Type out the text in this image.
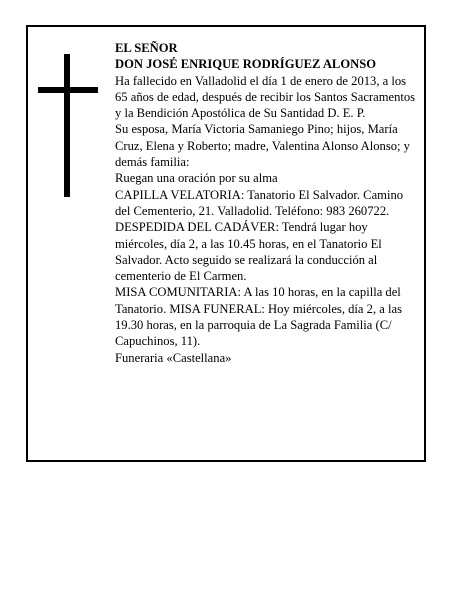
EL SEÑOR

DON JOSÉ ENRIQUE RODRÍGUEZ ALONSO

Ha fallecido en Valladolid el día 1 de enero de 2013, a los 65 años de edad, después de recibir los Santos Sacramentos y la Bendición Apostólica de Su Santidad D. E. P.

Su esposa, María Victoria Samaniego Pino; hijos, María Cruz, Elena y Roberto; madre, Valentina Alonso Alonso; y demás familia:

Ruegan una oración por su alma

CAPILLA VELATORIA: Tanatorio El Salvador. Camino del Cementerio, 21. Valladolid. Teléfono: 983 260722.

DESPEDIDA DEL CADÁVER: Tendrá lugar hoy miércoles, día 2, a las 10.45 horas, en el Tanatorio El Salvador. Acto seguido se realizará la conducción al cementerio de El Carmen.

MISA COMUNITARIA: A las 10 horas, en la capilla del Tanatorio. MISA FUNERAL: Hoy miércoles, día 2, a las 19.30 horas, en la parroquia de La Sagrada Familia (C/ Capuchinos, 11).

Funeraria «Castellana»
